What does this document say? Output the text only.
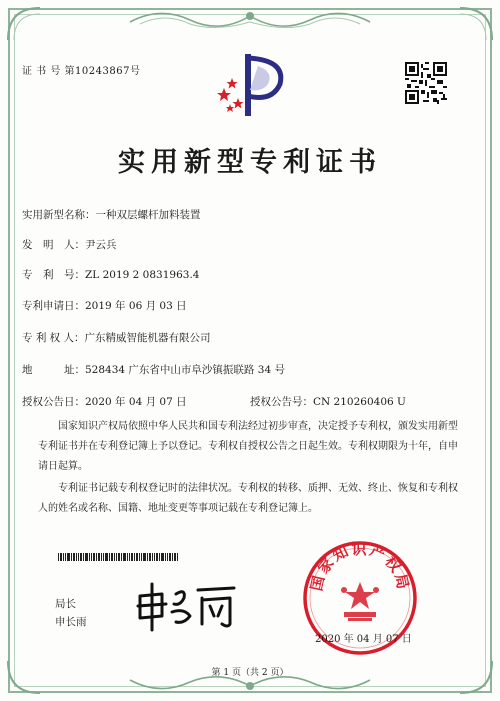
证 书 号 第10243867号
实用新型专利证书
实用新型名称：一种双层螺杆加料装置
发　明　人：尹云兵
专　利　号：ZL 2019 2 0831963.4
专利申请日：2019 年 06 月 03 日
专 利 权 人：广东精威智能机器有限公司
地　　　址：528434 广东省中山市阜沙镇振联路 34 号
授权公告日：2020 年 04 月 07 日	授权公告号：CN 210260406 U
国家知识产权局依照中华人民共和国专利法经过初步审查，决定授予专利权，颁发实用新型专利证书并在专利登记簿上予以登记。专利权自授权公告之日起生效。专利权期限为十年，自申请日起算。
专利证书记载专利权登记时的法律状况。专利权的转移、质押、无效、终止、恢复和专利权人的姓名或名称、国籍、地址变更等事项记载在专利登记簿上。
局长
申长雨
国家知识产权局
2020 年 04 月 07 日
第 1 页（共 2 页）
